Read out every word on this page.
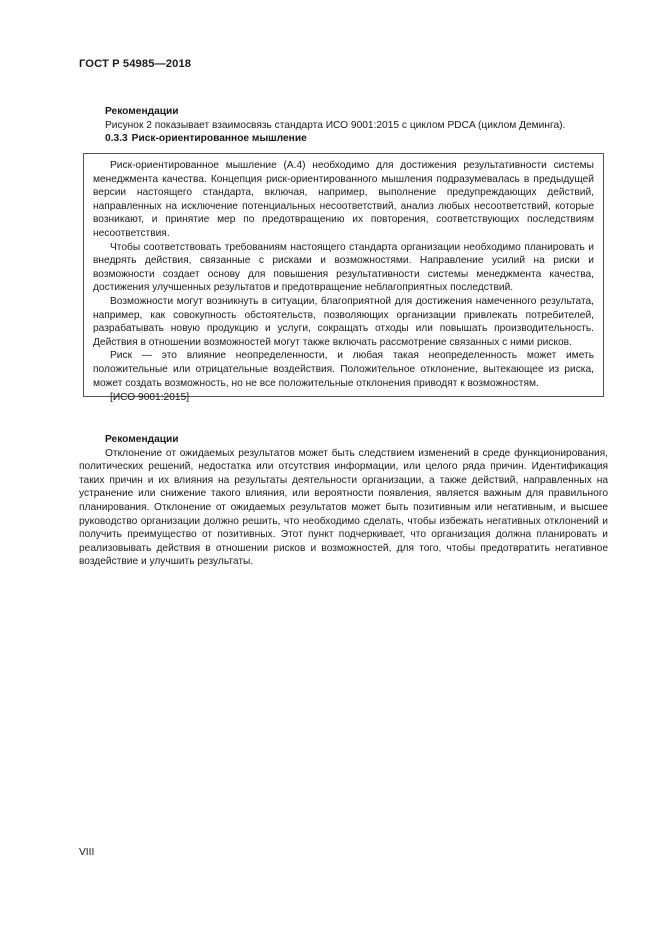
ГОСТ Р 54985—2018
Рекомендации

Рисунок 2 показывает взаимосвязь стандарта ИСО 9001:2015 с циклом PDCA (циклом Деминга).

0.3.3 Риск-ориентированное мышление

Риск-ориентированное мышление (А.4) необходимо для достижения результативности системы менеджмента качества. Концепция риск-ориентированного мышления подразумевалась в предыдущей версии настоящего стандарта, включая, например, выполнение предупреждающих действий, направленных на исключение потенциальных несоответствий, анализ любых несоответствий, которые возникают, и принятие мер по предотвращению их повторения, соответствующих последствиям несоответствия.

Чтобы соответствовать требованиям настоящего стандарта организации необходимо планировать и внедрять действия, связанные с рисками и возможностями. Направление усилий на риски и возможности создает основу для повышения результативности системы менеджмента качества, достижения улучшенных результатов и предотвращение неблагоприятных последствий.

Возможности могут возникнуть в ситуации, благоприятной для достижения намеченного результата, например, как совокупность обстоятельств, позволяющих организации привлекать потребителей, разрабатывать новую продукцию и услуги, сокращать отходы или повышать производительность. Действия в отношении возможностей могут также включать рассмотрение связанных с ними рисков.

Риск — это влияние неопределенности, и любая такая неопределенность может иметь положительные или отрицательные воздействия. Положительное отклонение, вытекающее из риска, может создать возможность, но не все положительные отклонения приводят к возможностям.

[ИСО 9001:2015]
Рекомендации

Отклонение от ожидаемых результатов может быть следствием изменений в среде функционирования, политических решений, недостатка или отсутствия информации, или целого ряда причин. Идентификация таких причин и их влияния на результаты деятельности организации, а также действий, направленных на устранение или снижение такого влияния, или вероятности появления, является важным для правильного планирования. Отклонение от ожидаемых результатов может быть позитивным или негативным, и высшее руководство организации должно решить, что необходимо сделать, чтобы избежать негативных отклонений и получить преимущество от позитивных. Этот пункт подчеркивает, что организация должна планировать и реализовывать действия в отношении рисков и возможностей, для того, чтобы предотвратить негативное воздействие и улучшить результаты.

VIII
